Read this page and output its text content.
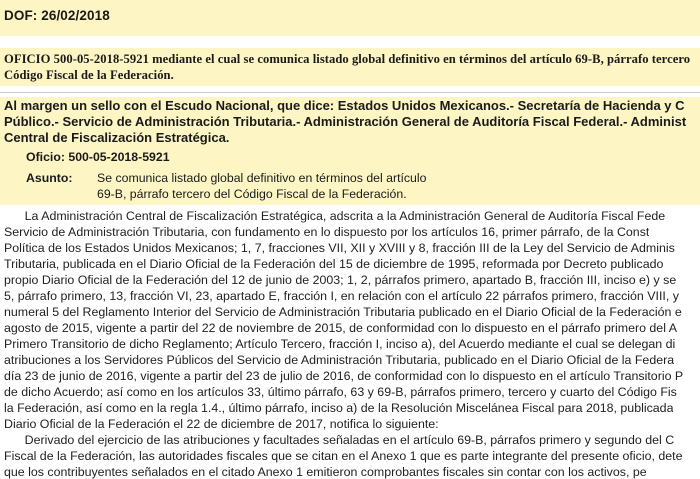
DOF: 26/02/2018
OFICIO 500-05-2018-5921 mediante el cual se comunica listado global definitivo en términos del artículo 69-B, párrafo tercero
Código Fiscal de la Federación.
Al margen un sello con el Escudo Nacional, que dice: Estados Unidos Mexicanos.- Secretaría de Hacienda y C
Público.- Servicio de Administración Tributaria.- Administración General de Auditoría Fiscal Federal.- Administ
Central de Fiscalización Estratégica.
Oficio: 500-05-2018-5921
Asunto: Se comunica listado global definitivo en términos del artículo
69-B, párrafo tercero del Código Fiscal de la Federación.
La Administración Central de Fiscalización Estratégica, adscrita a la Administración General de Auditoría Fiscal Fede
Servicio de Administración Tributaria, con fundamento en lo dispuesto por los artículos 16, primer párrafo, de la Const
Política de los Estados Unidos Mexicanos; 1, 7, fracciones VII, XII y XVIII y 8, fracción III de la Ley del Servicio de Adminis
Tributaria, publicada en el Diario Oficial de la Federación del 15 de diciembre de 1995, reformada por Decreto publicado
propio Diario Oficial de la Federación del 12 de junio de 2003; 1, 2, párrafos primero, apartado B, fracción III, inciso e) y se
5, párrafo primero, 13, fracción VI, 23, apartado E, fracción I, en relación con el artículo 22 párrafos primero, fracción VIII, y
numeral 5 del Reglamento Interior del Servicio de Administración Tributaria publicado en el Diario Oficial de la Federación e
agosto de 2015, vigente a partir del 22 de noviembre de 2015, de conformidad con lo dispuesto en el párrafo primero del A
Primero Transitorio de dicho Reglamento; Artículo Tercero, fracción I, inciso a), del Acuerdo mediante el cual se delegan di
atribuciones a los Servidores Públicos del Servicio de Administración Tributaria, publicado en el Diario Oficial de la Federa
día 23 de junio de 2016, vigente a partir del 23 de julio de 2016, de conformidad con lo dispuesto en el artículo Transitorio P
de dicho Acuerdo; así como en los artículos 33, último párrafo, 63 y 69-B, párrafos primero, tercero y cuarto del Código Fis
la Federación, así como en la regla 1.4., último párrafo, inciso a) de la Resolución Miscelánea Fiscal para 2018, publicada
Diario Oficial de la Federación el 22 de diciembre de 2017, notifica lo siguiente:
Derivado del ejercicio de las atribuciones y facultades señaladas en el artículo 69-B, párrafos primero y segundo del C
Fiscal de la Federación, las autoridades fiscales que se citan en el Anexo 1 que es parte integrante del presente oficio, dete
que los contribuyentes señalados en el citado Anexo 1 emitieron comprobantes fiscales sin contar con los activos, pe
